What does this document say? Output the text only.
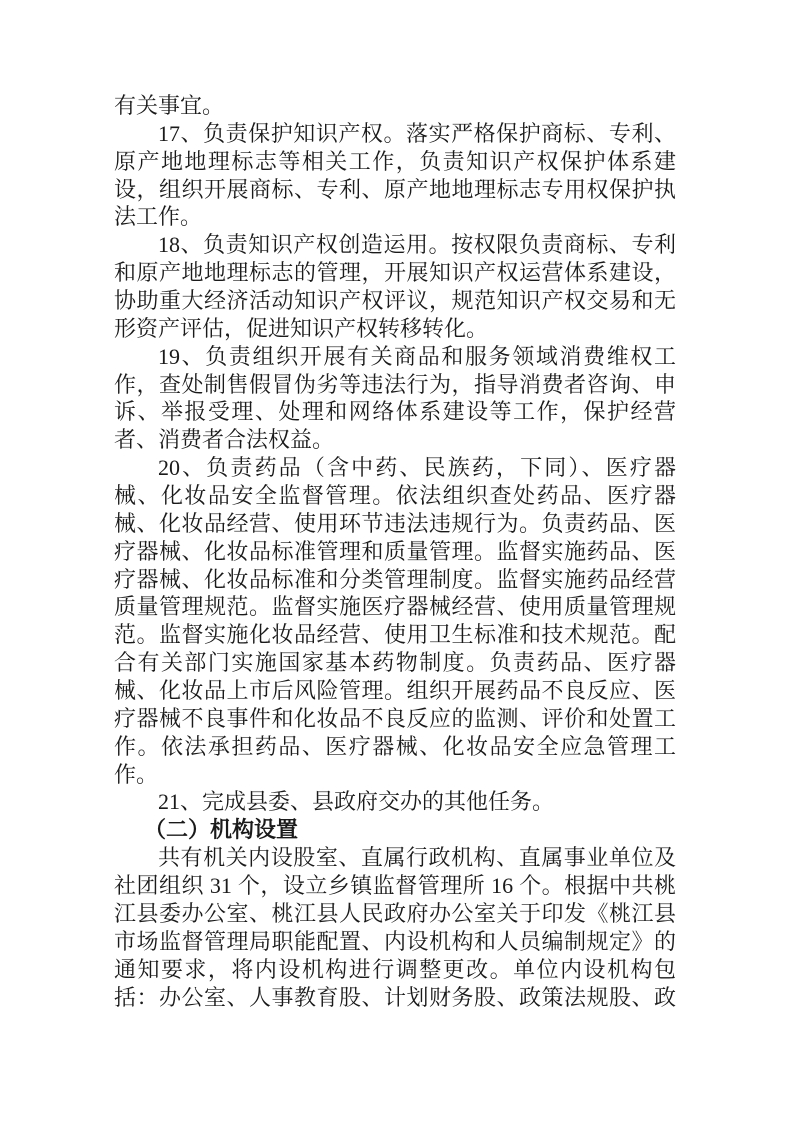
有关事宜。
17、负责保护知识产权。落实严格保护商标、专利、
原产地地理标志等相关工作，负责知识产权保护体系建
设，组织开展商标、专利、原产地地理标志专用权保护执
法工作。
18、负责知识产权创造运用。按权限负责商标、专利
和原产地地理标志的管理，开展知识产权运营体系建设，
协助重大经济活动知识产权评议，规范知识产权交易和无
形资产评估，促进知识产权转移转化。
19、负责组织开展有关商品和服务领域消费维权工
作，查处制售假冒伪劣等违法行为，指导消费者咨询、申
诉、举报受理、处理和网络体系建设等工作，保护经营
者、消费者合法权益。
20、负责药品（含中药、民族药，下同）、医疗器
械、化妆品安全监督管理。依法组织查处药品、医疗器
械、化妆品经营、使用环节违法违规行为。负责药品、医
疗器械、化妆品标准管理和质量管理。监督实施药品、医
疗器械、化妆品标准和分类管理制度。监督实施药品经营
质量管理规范。监督实施医疗器械经营、使用质量管理规
范。监督实施化妆品经营、使用卫生标准和技术规范。配
合有关部门实施国家基本药物制度。负责药品、医疗器
械、化妆品上市后风险管理。组织开展药品不良反应、医
疗器械不良事件和化妆品不良反应的监测、评价和处置工
作。依法承担药品、医疗器械、化妆品安全应急管理工
作。
21、完成县委、县政府交办的其他任务。
（二）机构设置
共有机关内设股室、直属行政机构、直属事业单位及
社团组织 31 个，设立乡镇监督管理所 16 个。根据中共桃
江县委办公室、桃江县人民政府办公室关于印发《桃江县
市场监督管理局职能配置、内设机构和人员编制规定》的
通知要求，将内设机构进行调整更改。单位内设机构包
括：办公室、人事教育股、计划财务股、政策法规股、政
